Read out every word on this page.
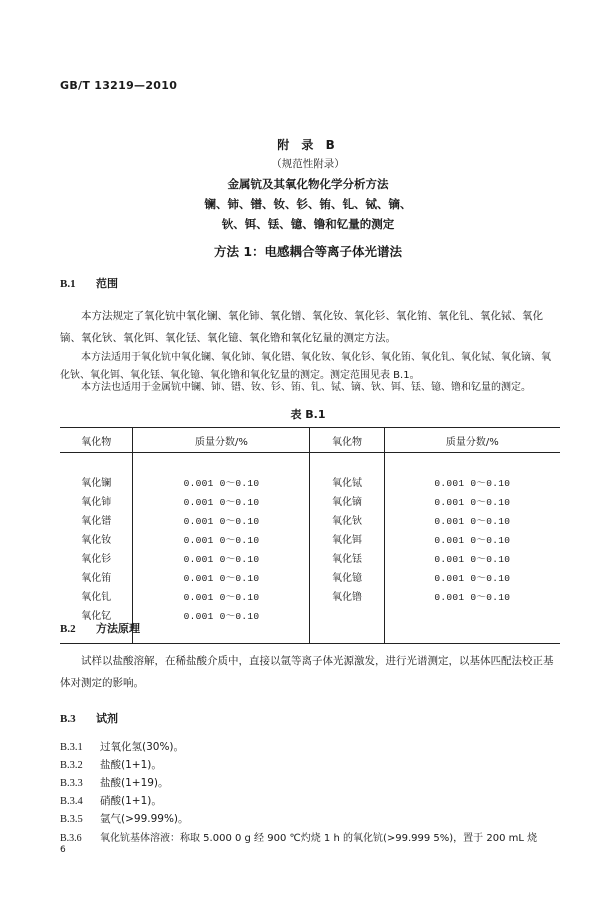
GB/T 13219—2010
附 录 B
（规范性附录）
金属钪及其氧化物化学分析方法
镧、铈、镨、钕、钐、铕、钆、铽、镝、
钬、铒、铥、镱、镥和钇量的测定
方法 1：电感耦合等离子体光谱法
B.1 范围

本方法规定了氧化钪中氧化镧、氧化铈、氧化镨、氧化钕、氧化钐、氧化铕、氧化钆、氧化铽、氧化镝、氧化钬、氧化铒、氧化铥、氧化镱、氧化镥和氧化钇量的测定方法。

本方法适用于氧化钪中氧化镧、氧化铈、氧化镨、氧化钕、氧化钐、氧化铕、氧化钆、氧化铽、氧化镝、氧化钬、氧化铒、氧化铥、氧化镱、氧化镥和氧化钇量的测定。测定范围见表 B.1。

本方法也适用于金属钪中镧、铈、镨、钕、钐、铕、钆、铽、镝、钬、铒、铥、镱、镥和钇量的测定。

表 B.1
氧化物	质量分数/%	氧化物	质量分数/%

氧化镧	0.001 0～0.10	氧化铽	0.001 0～0.10
氧化铈	0.001 0～0.10	氧化镝	0.001 0～0.10
氧化镨	0.001 0～0.10	氧化钬	0.001 0～0.10
氧化钕	0.001 0～0.10	氧化铒	0.001 0～0.10
氧化钐	0.001 0～0.10	氧化铥	0.001 0～0.10
氧化铕	0.001 0～0.10	氧化镱	0.001 0～0.10
氧化钆	0.001 0～0.10	氧化镥	0.001 0～0.10
氧化钇	0.001 0～0.10		

B.2 方法原理

试样以盐酸溶解，在稀盐酸介质中，直接以氩等离子体光源激发，进行光谱测定，以基体匹配法校正基体对测定的影响。

B.3 试剂
B.3.1 过氧化氢(30%)。
B.3.2 盐酸(1+1)。
B.3.3 盐酸(1+19)。
B.3.4 硝酸(1+1)。
B.3.5 氩气(>99.99%)。
B.3.6 氧化钪基体溶液：称取 5.000 0 g 经 900 ℃灼烧 1 h 的氧化钪(>99.999 5%)，置于 200 mL 烧
6
